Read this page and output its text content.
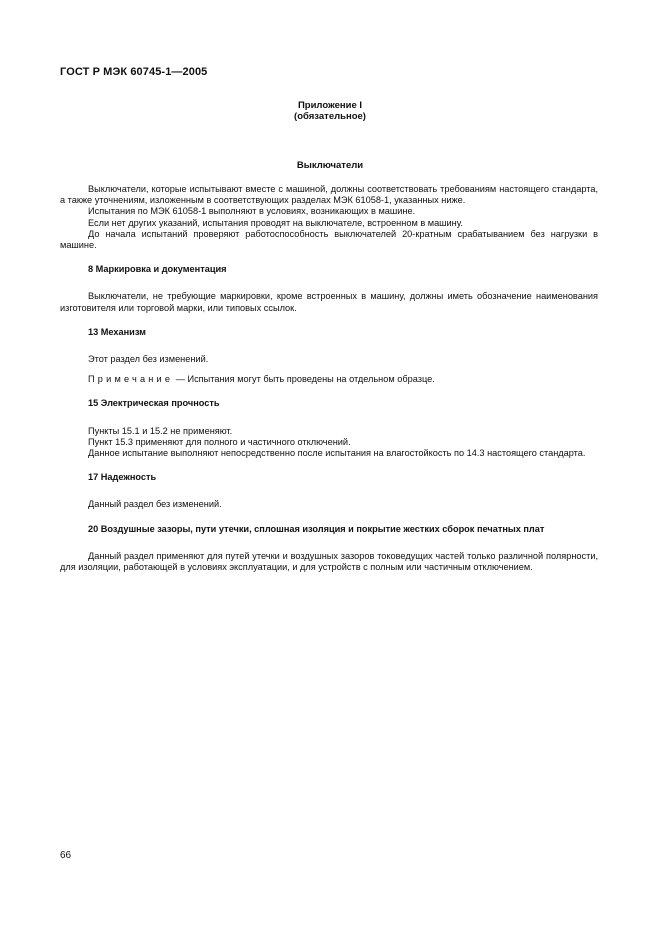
ГОСТ Р МЭК 60745-1—2005
Приложение I
(обязательное)
Выключатели

Выключатели, которые испытывают вместе с машиной, должны соответствовать требованиям настоящего стандарта, а также уточнениям, изложенным в соответствующих разделах МЭК 61058-1, указанных ниже.

Испытания по МЭК 61058-1 выполняют в условиях, возникающих в машине.

Если нет других указаний, испытания проводят на выключателе, встроенном в машину.

До начала испытаний проверяют работоспособность выключателей 20-кратным срабатыванием без нагрузки в машине.

8 Маркировка и документация

Выключатели, не требующие маркировки, кроме встроенных в машину, должны иметь обозначение наименования изготовителя или торговой марки, или типовых ссылок.

13 Механизм

Этот раздел без изменений.

Примечание — Испытания могут быть проведены на отдельном образце.

15 Электрическая прочность

Пункты 15.1 и 15.2 не применяют.

Пункт 15.3 применяют для полного и частичного отключений.

Данное испытание выполняют непосредственно после испытания на влагостойкость по 14.3 настоящего стандарта.

17 Надежность

Данный раздел без изменений.

20 Воздушные зазоры, пути утечки, сплошная изоляция и покрытие жестких сборок печатных плат

Данный раздел применяют для путей утечки и воздушных зазоров токоведущих частей только различной полярности, для изоляции, работающей в условиях эксплуатации, и для устройств с полным или частичным отключением.

66
